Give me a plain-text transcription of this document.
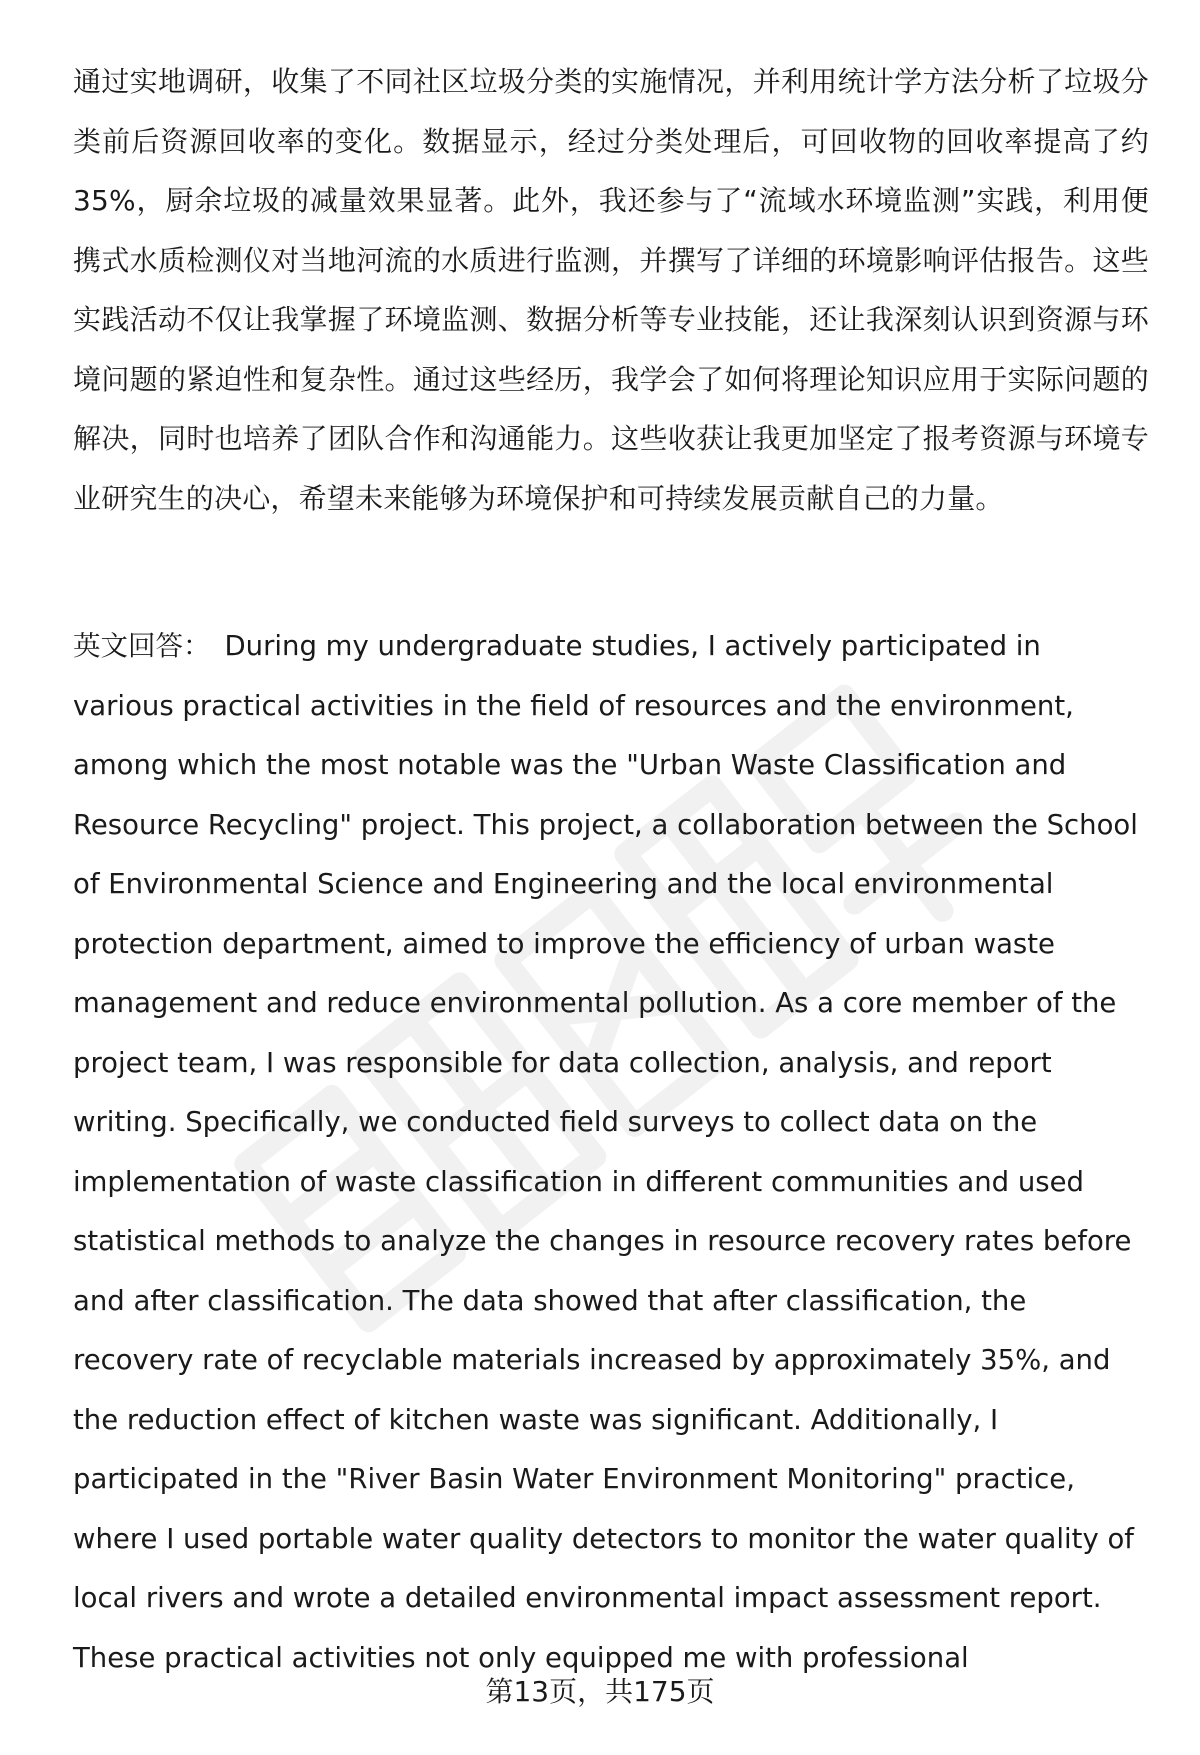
通过实地调研，收集了不同社区垃圾分类的实施情况，并利用统计学方法分析了垃圾分类前后资源回收率的变化。数据显示，经过分类处理后，可回收物的回收率提高了约35%，厨余垃圾的减量效果显著。此外，我还参与了“流域水环境监测”实践，利用便携式水质检测仪对当地河流的水质进行监测，并撰写了详细的环境影响评估报告。这些实践活动不仅让我掌握了环境监测、数据分析等专业技能，还让我深刻认识到资源与环境问题的紧迫性和复杂性。通过这些经历，我学会了如何将理论知识应用于实际问题的解决，同时也培养了团队合作和沟通能力。这些收获让我更加坚定了报考资源与环境专业研究生的决心，希望未来能够为环境保护和可持续发展贡献自己的力量。

英文回答： During my undergraduate studies, I actively participated in various practical activities in the field of resources and the environment, among which the most notable was the "Urban Waste Classification and Resource Recycling" project. This project, a collaboration between the School of Environmental Science and Engineering and the local environmental protection department, aimed to improve the efficiency of urban waste management and reduce environmental pollution. As a core member of the project team, I was responsible for data collection, analysis, and report writing. Specifically, we conducted field surveys to collect data on the implementation of waste classification in different communities and used statistical methods to analyze the changes in resource recovery rates before and after classification. The data showed that after classification, the recovery rate of recyclable materials increased by approximately 35%, and the reduction effect of kitchen waste was significant. Additionally, I participated in the "River Basin Water Environment Monitoring" practice, where I used portable water quality detectors to monitor the water quality of local rivers and wrote a detailed environmental impact assessment report. These practical activities not only equipped me with professional

第13页，共175页
